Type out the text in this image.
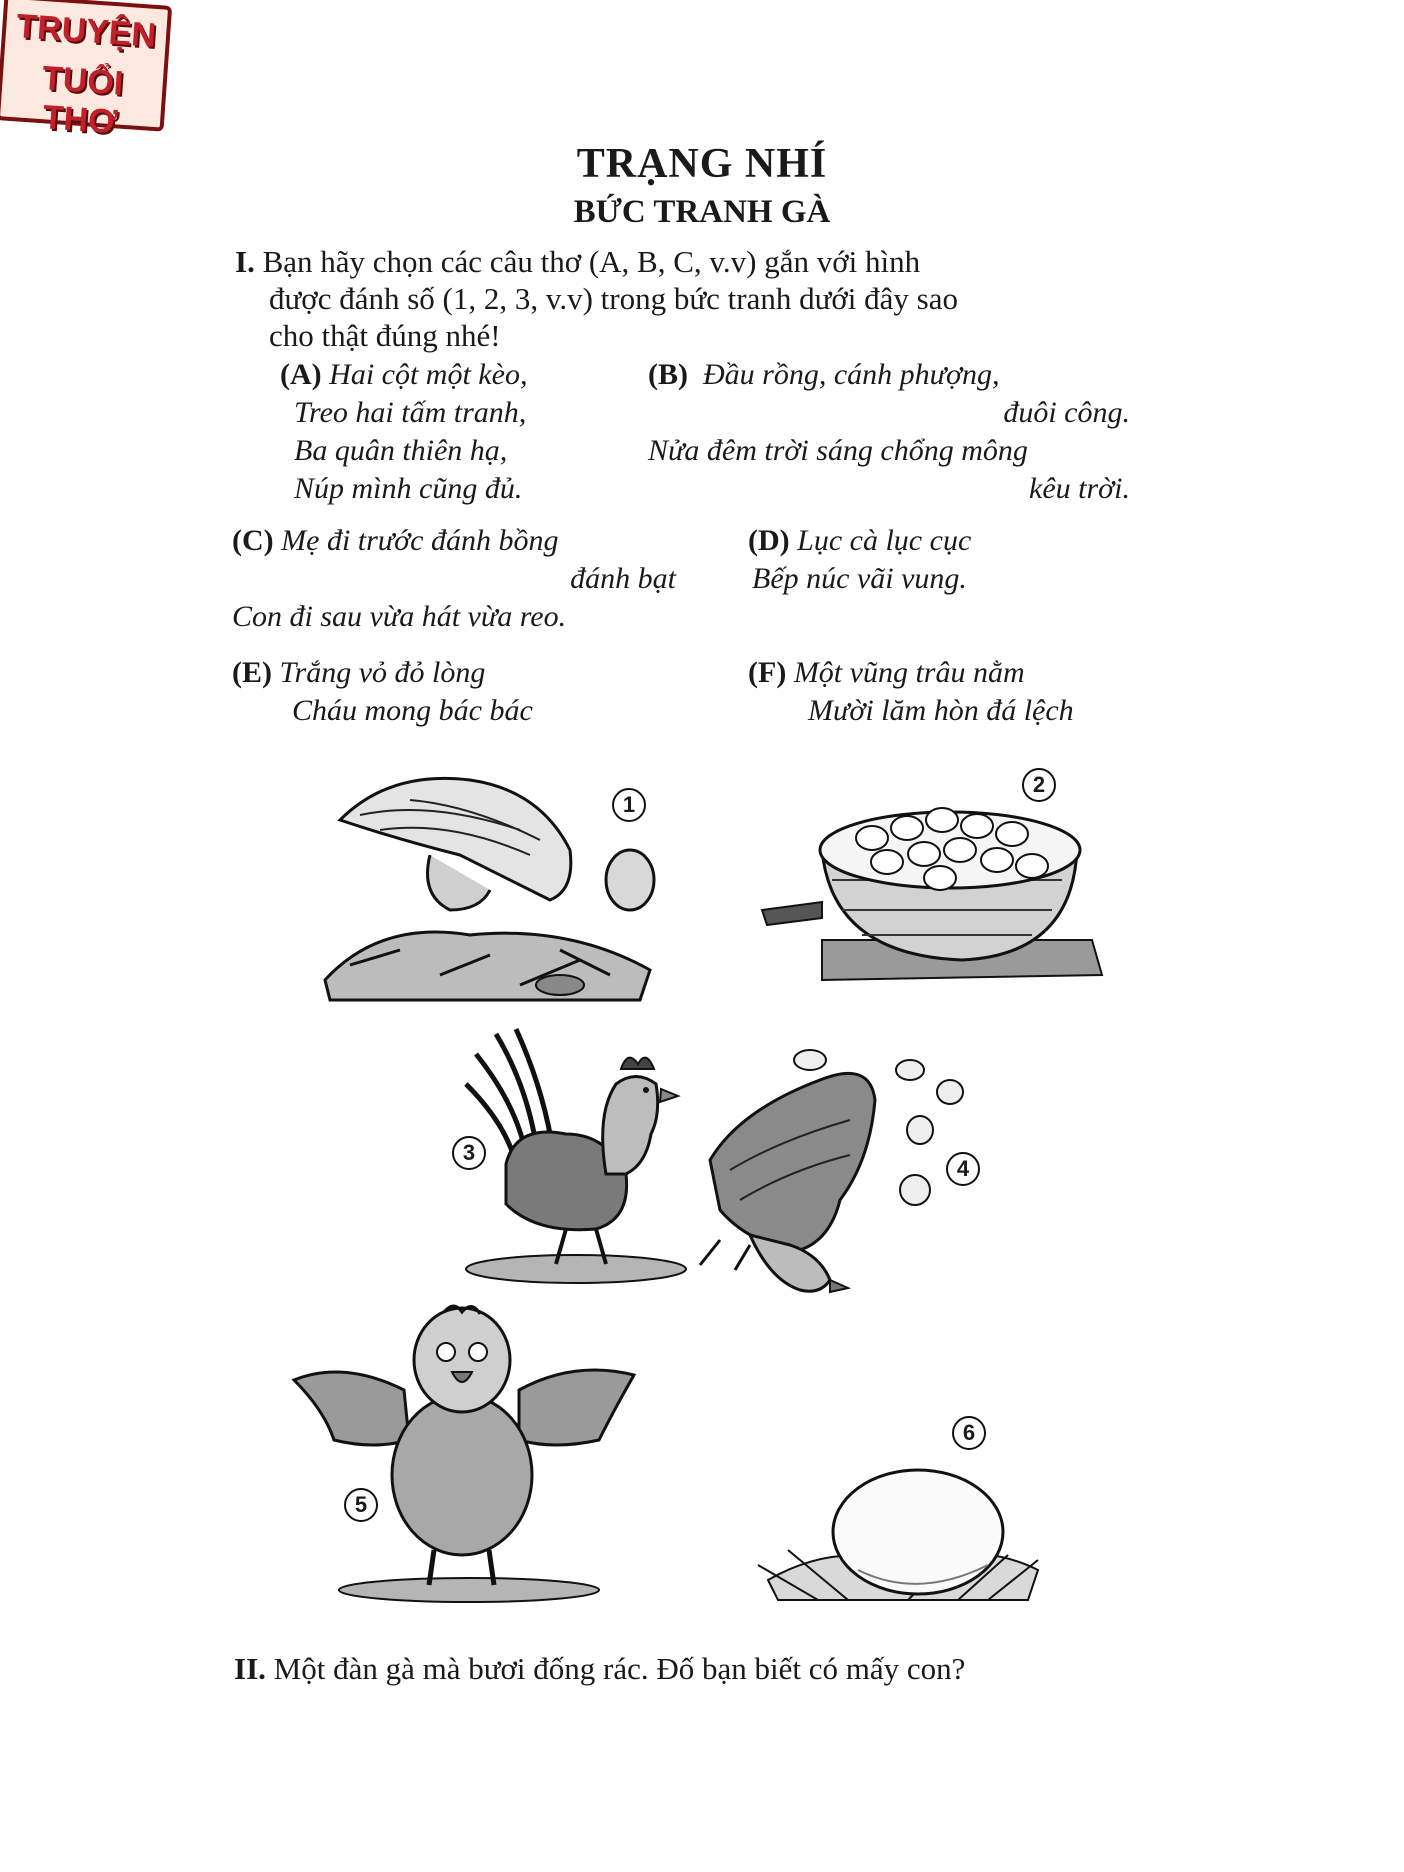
TRẠNG NHÍ
BỨC TRANH GÀ
I. Bạn hãy chọn các câu thơ (A, B, C, v.v) gắn với hình
được đánh số (1, 2, 3, v.v) trong bức tranh dưới đây sao
cho thật đúng nhé!
(A) Hai cột một kèo,
Treo hai tấm tranh,
Ba quân thiên hạ,
Núp mình cũng đủ.
(B) Đầu rồng, cánh phượng,
đuôi công.
Nửa đêm trời sáng chổng mông
kêu trời.
(C) Mẹ đi trước đánh bồng
đánh bạt
Con đi sau vừa hát vừa reo.
(D) Lục cà lục cục
Bếp núc vãi vung.
(E) Trắng vỏ đỏ lòng
Cháu mong bác bác
(F) Một vũng trâu nằm
Mười lăm hòn đá lệch
1
2
3
4
5
6
II. Một đàn gà mà bươi đống rác. Đố bạn biết có mấy con?
TRUYỆN
TUỔI THƠ
